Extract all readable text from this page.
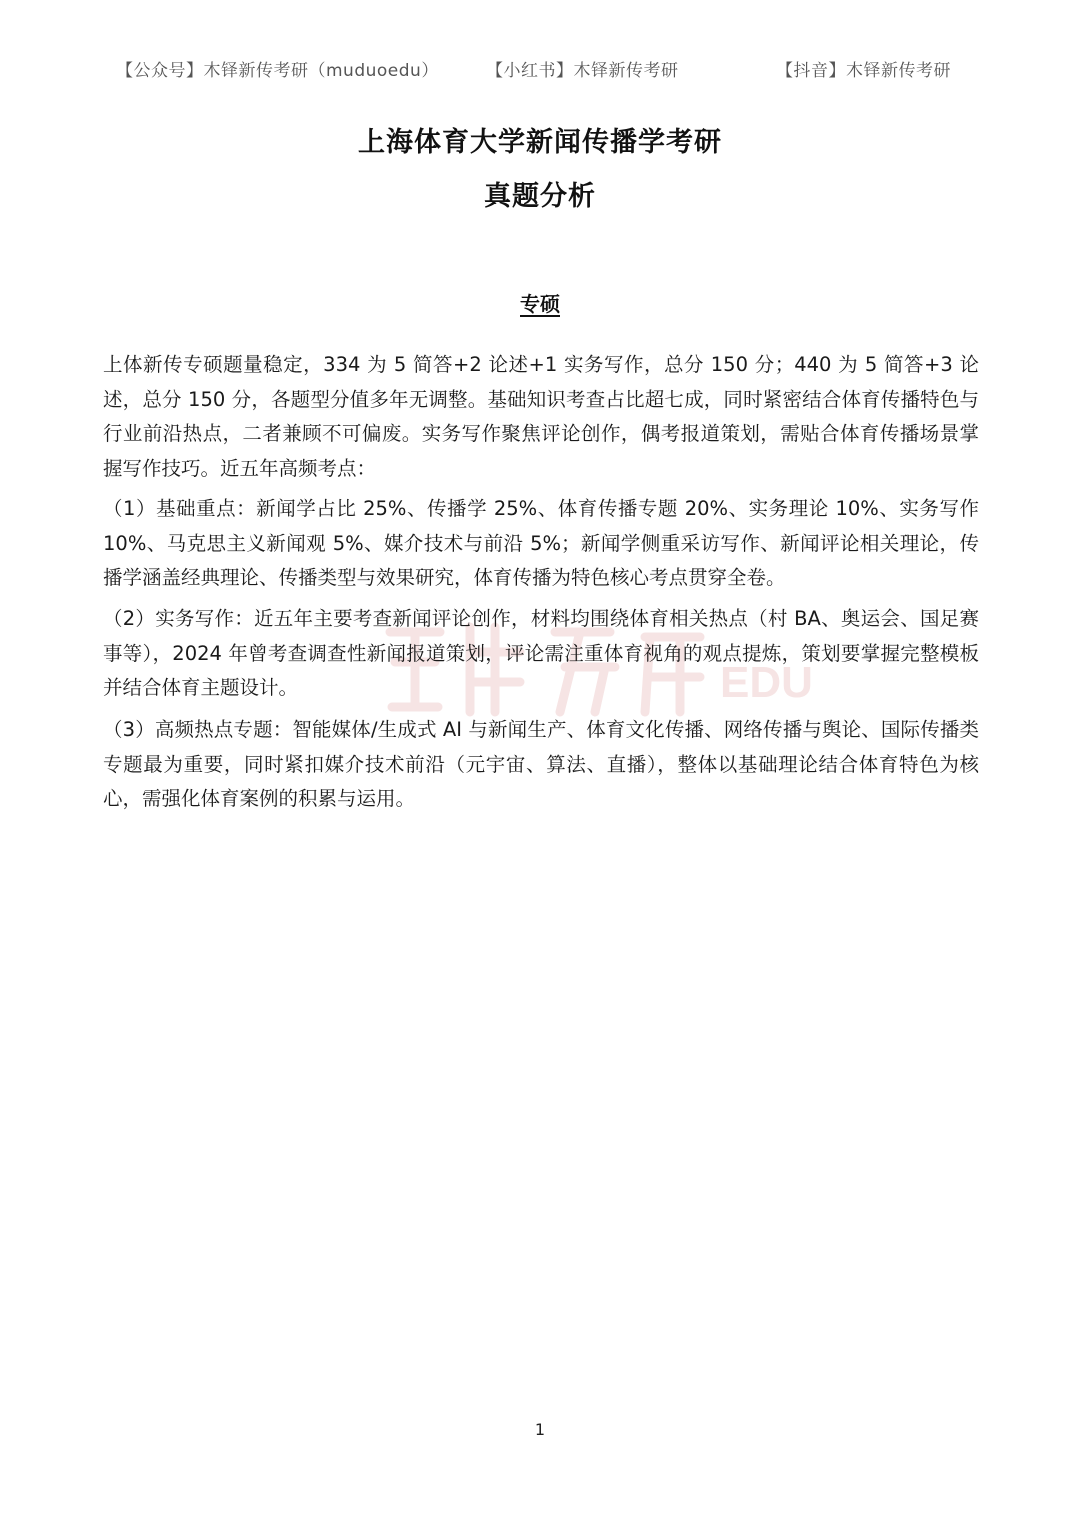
【公众号】木铎新传考研（muduoedu）	【小红书】木铎新传考研	【抖音】木铎新传考研
上海体育大学新闻传播学考研
真题分析
EDU
专硕

上体新传专硕题量稳定，334 为 5 简答+2 论述+1 实务写作，总分 150 分；440 为 5 简答+3 论述，总分 150 分，各题型分值多年无调整。基础知识考查占比超七成，同时紧密结合体育传播特色与行业前沿热点，二者兼顾不可偏废。实务写作聚焦评论创作，偶考报道策划，需贴合体育传播场景掌握写作技巧。近五年高频考点：

（1）基础重点：新闻学占比 25%、传播学 25%、体育传播专题 20%、实务理论 10%、实务写作 10%、马克思主义新闻观 5%、媒介技术与前沿 5%；新闻学侧重采访写作、新闻评论相关理论，传播学涵盖经典理论、传播类型与效果研究，体育传播为特色核心考点贯穿全卷。

（2）实务写作：近五年主要考查新闻评论创作，材料均围绕体育相关热点（村 BA、奥运会、国足赛事等），2024 年曾考查调查性新闻报道策划，评论需注重体育视角的观点提炼，策划要掌握完整模板并结合体育主题设计。

（3）高频热点专题：智能媒体/生成式 AI 与新闻生产、体育文化传播、网络传播与舆论、国际传播类专题最为重要，同时紧扣媒介技术前沿（元宇宙、算法、直播），整体以基础理论结合体育特色为核心，需强化体育案例的积累与运用。

1
